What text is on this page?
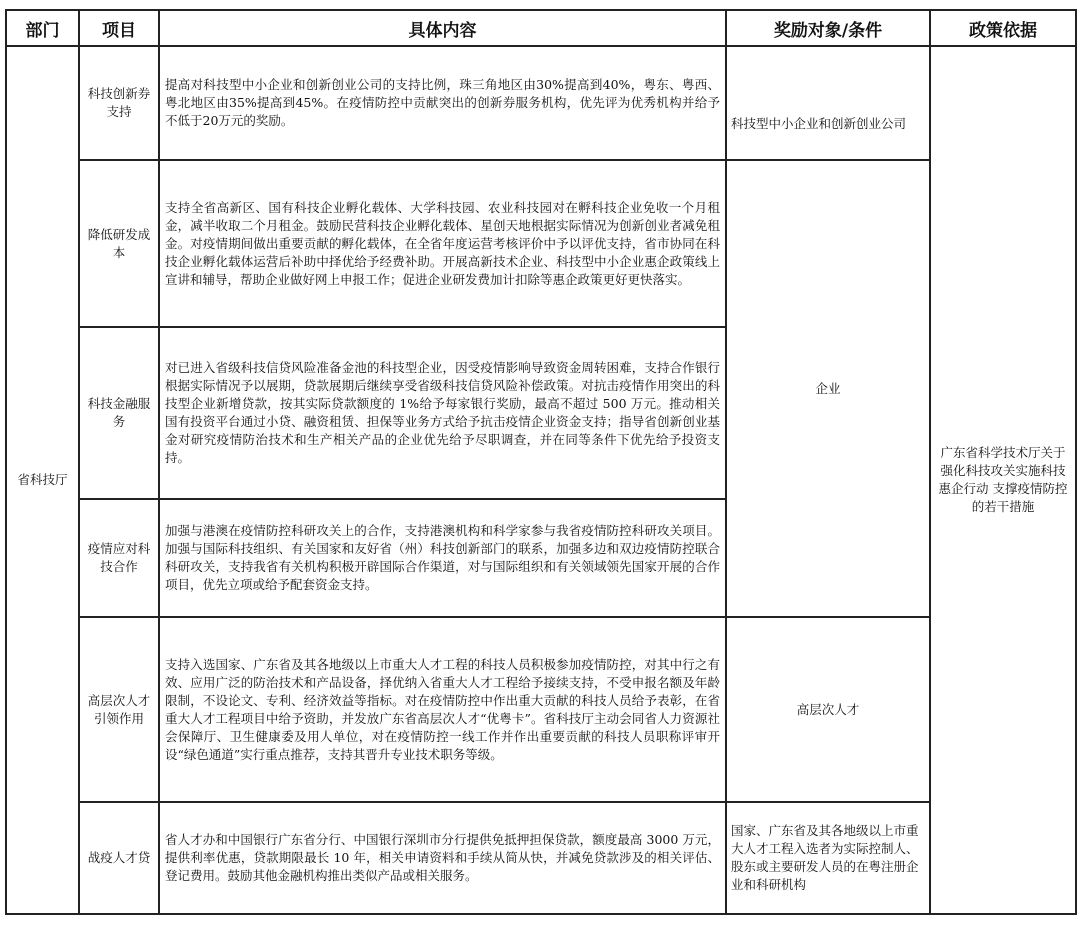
部门	项目	具体内容	奖励对象/条件	政策依据
省科技厅	科技创新券支持	提高对科技型中小企业和创新创业公司的支持比例，珠三角地区由30%提高到40%，粤东、粤西、粤北地区由35%提高到45%。在疫情防控中贡献突出的创新券服务机构，优先评为优秀机构并给予不低于20万元的奖励。	科技型中小企业和创新创业公司	广东省科学技术厅关于强化科技攻关实施科技惠企行动 支撑疫情防控的若干措施
	降低研发成本	支持全省高新区、国有科技企业孵化载体、大学科技园、农业科技园对在孵科技企业免收一个月租金，减半收取二个月租金。鼓励民营科技企业孵化载体、星创天地根据实际情况为创新创业者减免租金。对疫情期间做出重要贡献的孵化载体，在全省年度运营考核评价中予以评优支持，省市协同在科技企业孵化载体运营后补助中择优给予经费补助。开展高新技术企业、科技型中小企业惠企政策线上宣讲和辅导，帮助企业做好网上申报工作；促进企业研发费加计扣除等惠企政策更好更快落实。	企业	
	科技金融服务	对已进入省级科技信贷风险准备金池的科技型企业，因受疫情影响导致资金周转困难，支持合作银行根据实际情况予以展期，贷款展期后继续享受省级科技信贷风险补偿政策。对抗击疫情作用突出的科技型企业新增贷款，按其实际贷款额度的 1%给予每家银行奖励，最高不超过 500 万元。推动相关国有投资平台通过小贷、融资租赁、担保等业务方式给予抗击疫情企业资金支持；指导省创新创业基金对研究疫情防治技术和生产相关产品的企业优先给予尽职调查，并在同等条件下优先给予投资支持。		
	疫情应对科技合作	加强与港澳在疫情防控科研攻关上的合作，支持港澳机构和科学家参与我省疫情防控科研攻关项目。加强与国际科技组织、有关国家和友好省（州）科技创新部门的联系，加强多边和双边疫情防控联合科研攻关，支持我省有关机构积极开辟国际合作渠道，对与国际组织和有关领域领先国家开展的合作项目，优先立项或给予配套资金支持。		
	高层次人才引领作用	支持入选国家、广东省及其各地级以上市重大人才工程的科技人员积极参加疫情防控，对其中行之有效、应用广泛的防治技术和产品设备，择优纳入省重大人才工程给予接续支持，不受申报名额及年龄限制，不设论文、专利、经济效益等指标。对在疫情防控中作出重大贡献的科技人员给予表彰，在省重大人才工程项目中给予资助，并发放广东省高层次人才“优粤卡”。省科技厅主动会同省人力资源社会保障厅、卫生健康委及用人单位，对在疫情防控一线工作并作出重要贡献的科技人员职称评审开设“绿色通道”实行重点推荐，支持其晋升专业技术职务等级。	高层次人才	
	战疫人才贷	省人才办和中国银行广东省分行、中国银行深圳市分行提供免抵押担保贷款，额度最高 3000 万元，提供利率优惠，贷款期限最长 10 年，相关申请资料和手续从简从快，并减免贷款涉及的相关评估、登记费用。鼓励其他金融机构推出类似产品或相关服务。	国家、广东省及其各地级以上市重大人才工程入选者为实际控制人、股东或主要研发人员的在粤注册企业和科研机构	
